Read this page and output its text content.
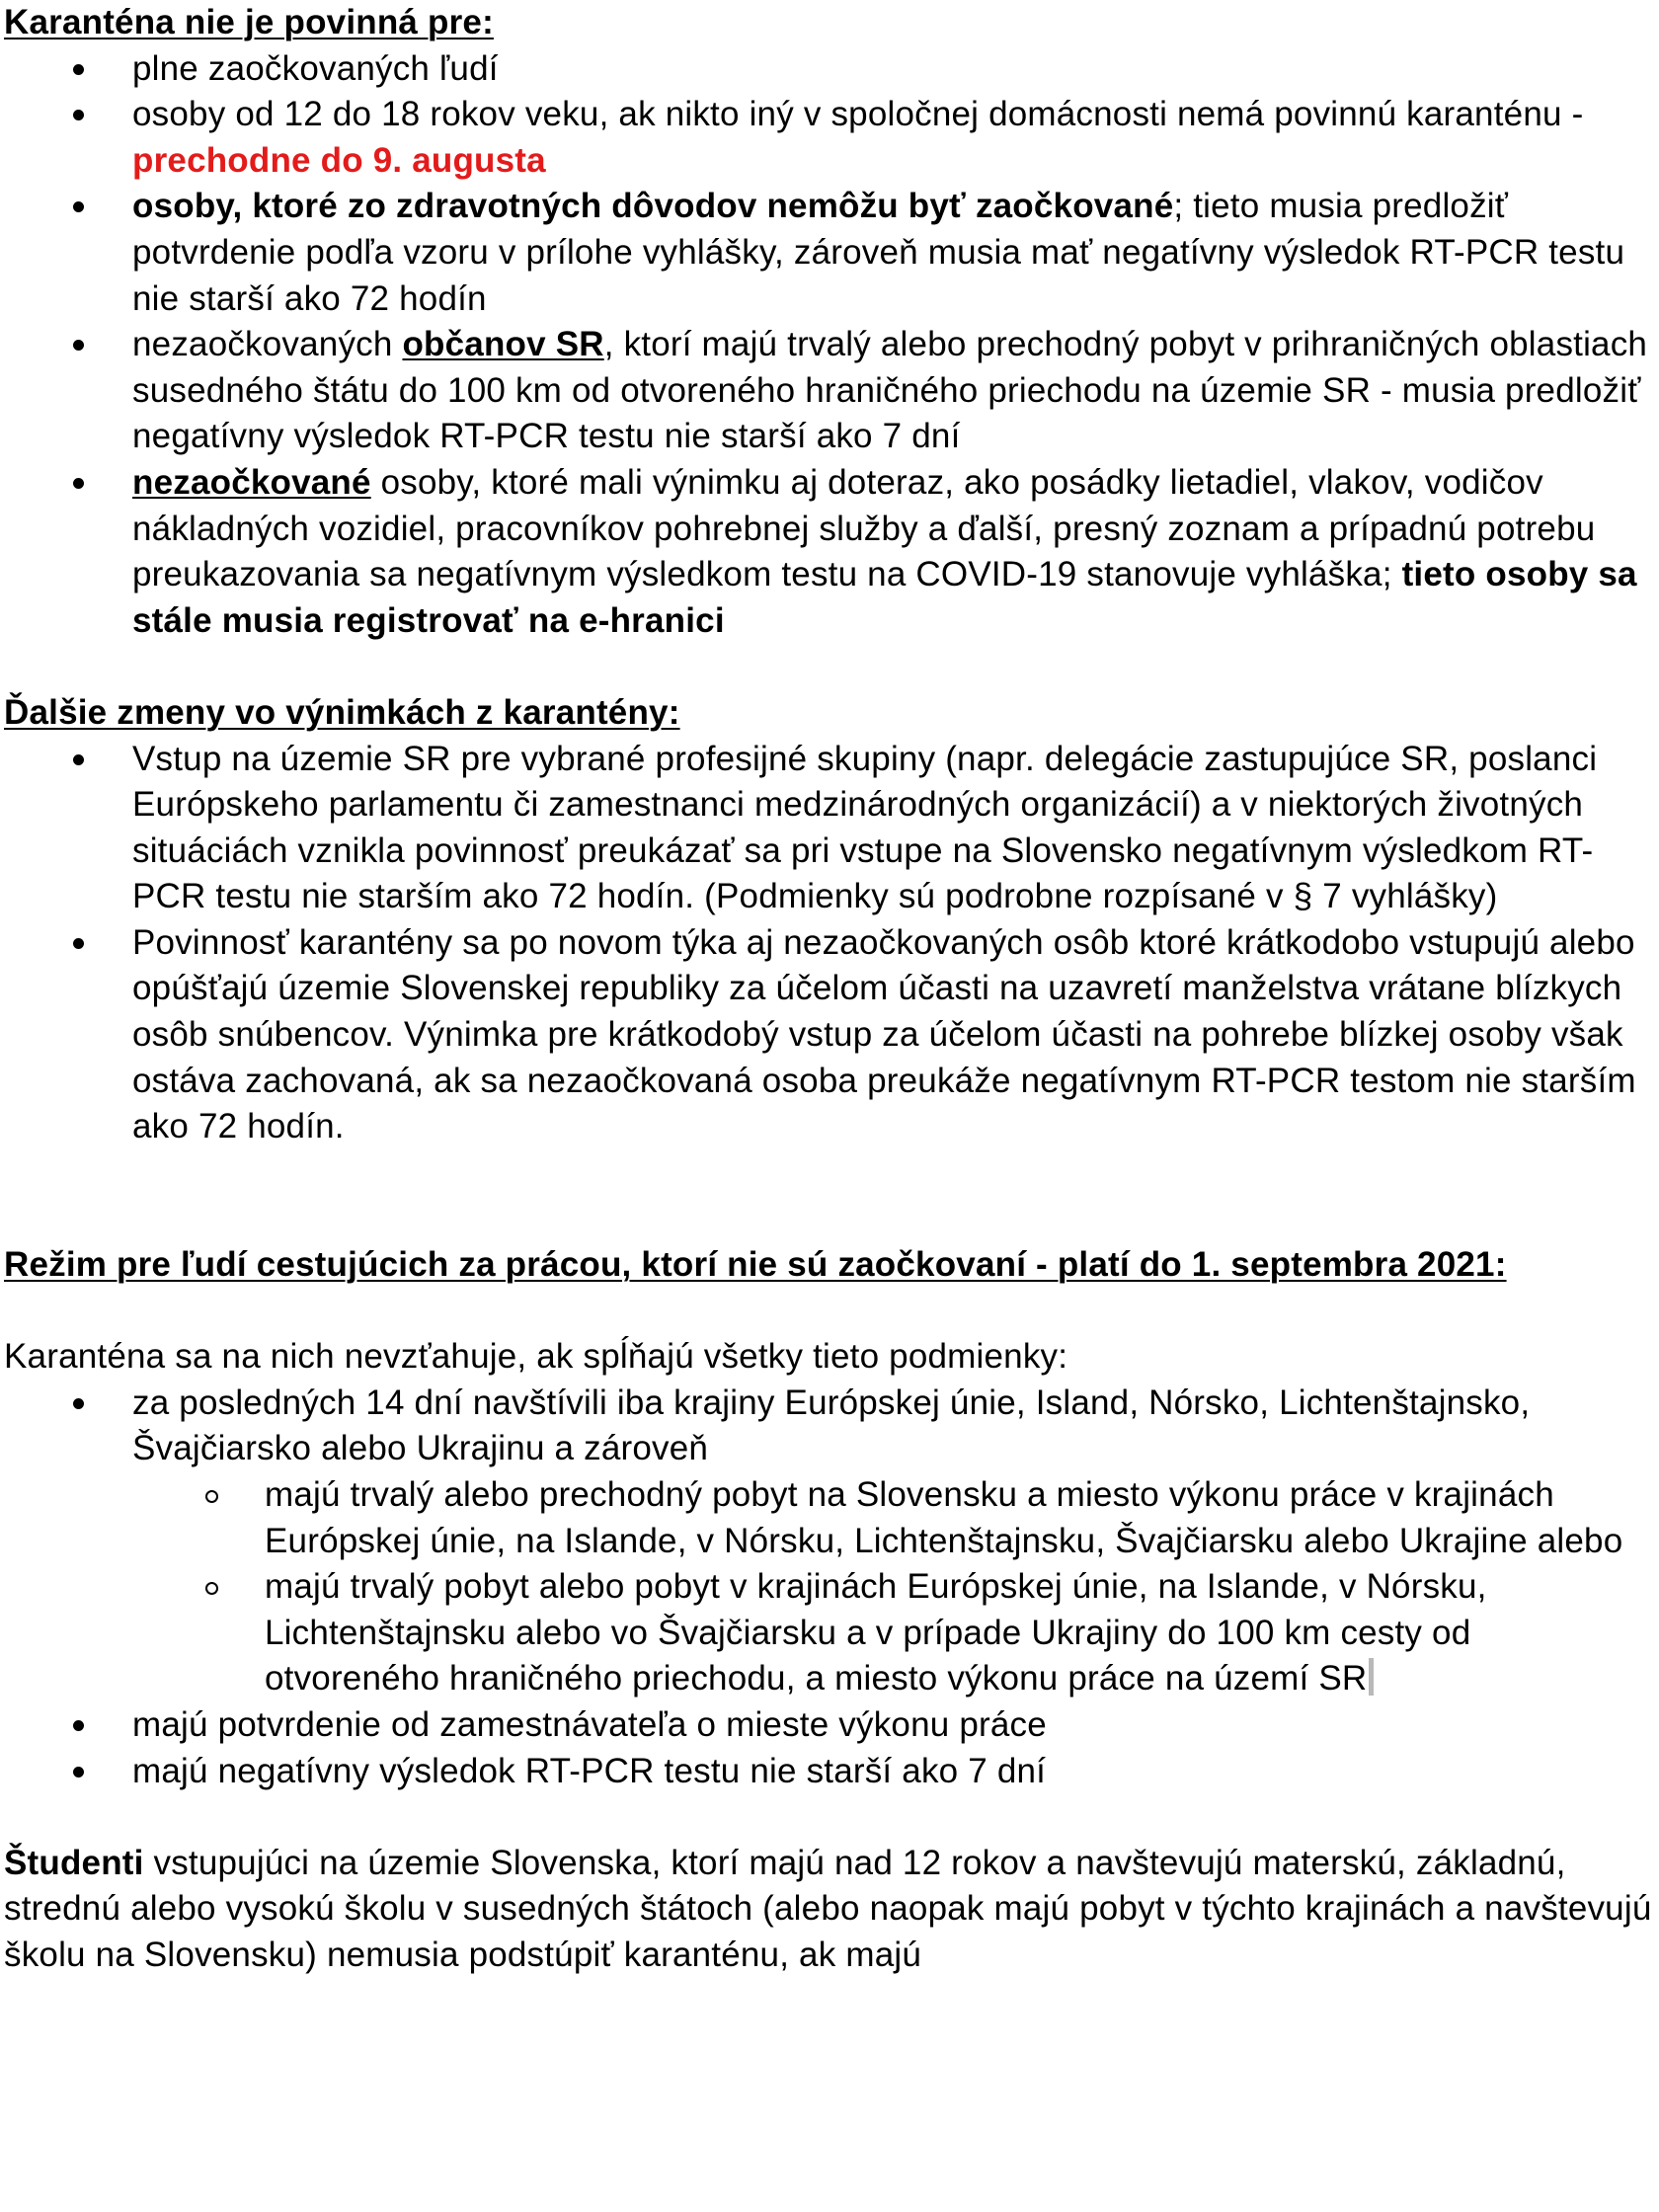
Karanténa nie je povinná pre:

plne zaočkovaných ľudí
osoby od 12 do 18 rokov veku, ak nikto iný v spoločnej domácnosti nemá povinnú karanténu - prechodne do 9. augusta
osoby, ktoré zo zdravotných dôvodov nemôžu byť zaočkované; tieto musia predložiť potvrdenie podľa vzoru v prílohe vyhlášky, zároveň musia mať negatívny výsledok RT-PCR testu nie starší ako 72 hodín
nezaočkovaných občanov SR, ktorí majú trvalý alebo prechodný pobyt v prihraničných oblastiach susedného štátu do 100 km od otvoreného hraničného priechodu na územie SR - musia predložiť negatívny výsledok RT-PCR testu nie starší ako 7 dní
nezaočkované osoby, ktoré mali výnimku aj doteraz, ako posádky lietadiel, vlakov, vodičov nákladných vozidiel, pracovníkov pohrebnej služby a ďalší, presný zoznam a prípadnú potrebu preukazovania sa negatívnym výsledkom testu na COVID-19 stanovuje vyhláška; tieto osoby sa stále musia registrovať na e-hranici

Ďalšie zmeny vo výnimkách z karantény:

Vstup na územie SR pre vybrané profesijné skupiny (napr. delegácie zastupujúce SR, poslanci Európskeho parlamentu či zamestnanci medzinárodných organizácií) a v niektorých životných situáciách vznikla povinnosť preukázať sa pri vstupe na Slovensko negatívnym výsledkom RT-PCR testu nie starším ako 72 hodín. (Podmienky sú podrobne rozpísané v § 7 vyhlášky)
Povinnosť karantény sa po novom týka aj nezaočkovaných osôb ktoré krátkodobo vstupujú alebo opúšťajú územie Slovenskej republiky za účelom účasti na uzavretí manželstva vrátane blízkych osôb snúbencov. Výnimka pre krátkodobý vstup za účelom účasti na pohrebe blízkej osoby však ostáva zachovaná, ak sa nezaočkovaná osoba preukáže negatívnym RT-PCR testom nie starším ako 72 hodín.

Režim pre ľudí cestujúcich za prácou, ktorí nie sú zaočkovaní - platí do 1. septembra 2021:

Karanténa sa na nich nevzťahuje, ak spĺňajú všetky tieto podmienky:

za posledných 14 dní navštívili iba krajiny Európskej únie, Island, Nórsko, Lichtenštajnsko, Švajčiarsko alebo Ukrajinu a zároveň
majú trvalý alebo prechodný pobyt na Slovensku a miesto výkonu práce v krajinách Európskej únie, na Islande, v Nórsku, Lichtenštajnsku, Švajčiarsku alebo Ukrajine alebo
majú trvalý pobyt alebo pobyt v krajinách Európskej únie, na Islande, v Nórsku, Lichtenštajnsku alebo vo Švajčiarsku a v prípade Ukrajiny do 100 km cesty od otvoreného hraničného priechodu, a miesto výkonu práce na území SR
majú potvrdenie od zamestnávateľa o mieste výkonu práce
majú negatívny výsledok RT-PCR testu nie starší ako 7 dní

Študenti vstupujúci na územie Slovenska, ktorí majú nad 12 rokov a navštevujú materskú, základnú, strednú alebo vysokú školu v susedných štátoch (alebo naopak majú pobyt v týchto krajinách a navštevujú školu na Slovensku) nemusia podstúpiť karanténu, ak majú
